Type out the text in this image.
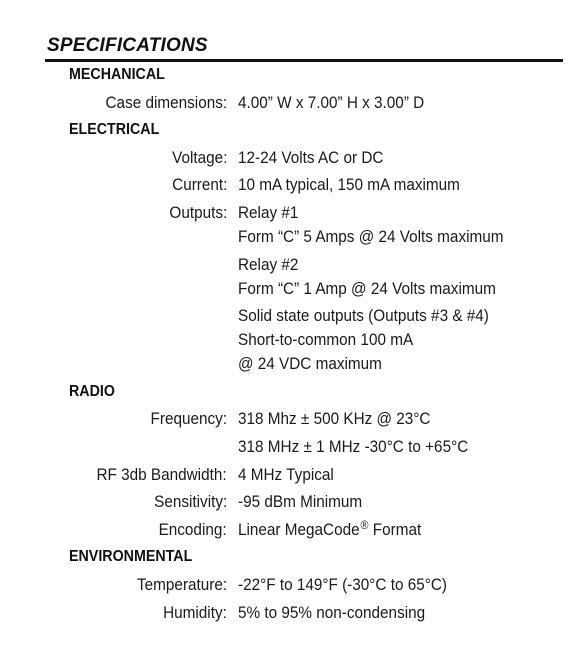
SPECIFICATIONS
MECHANICAL
Case dimensions: 4.00” W x 7.00” H x 3.00” D
ELECTRICAL
Voltage: 12-24 Volts AC or DC
Current: 10 mA typical, 150 mA maximum
Outputs: Relay #1
Form “C” 5 Amps @ 24 Volts maximum
Relay #2
Form “C” 1 Amp @ 24 Volts maximum
Solid state outputs (Outputs #3 & #4)
Short-to-common 100 mA
@ 24 VDC maximum
RADIO
Frequency: 318 Mhz ± 500 KHz @ 23°C
318 MHz ± 1 MHz -30°C to +65°C
RF 3db Bandwidth: 4 MHz Typical
Sensitivity: -95 dBm Minimum
Encoding: Linear MegaCode® Format
ENVIRONMENTAL
Temperature: -22°F to 149°F (-30°C to 65°C)
Humidity: 5% to 95% non-condensing
